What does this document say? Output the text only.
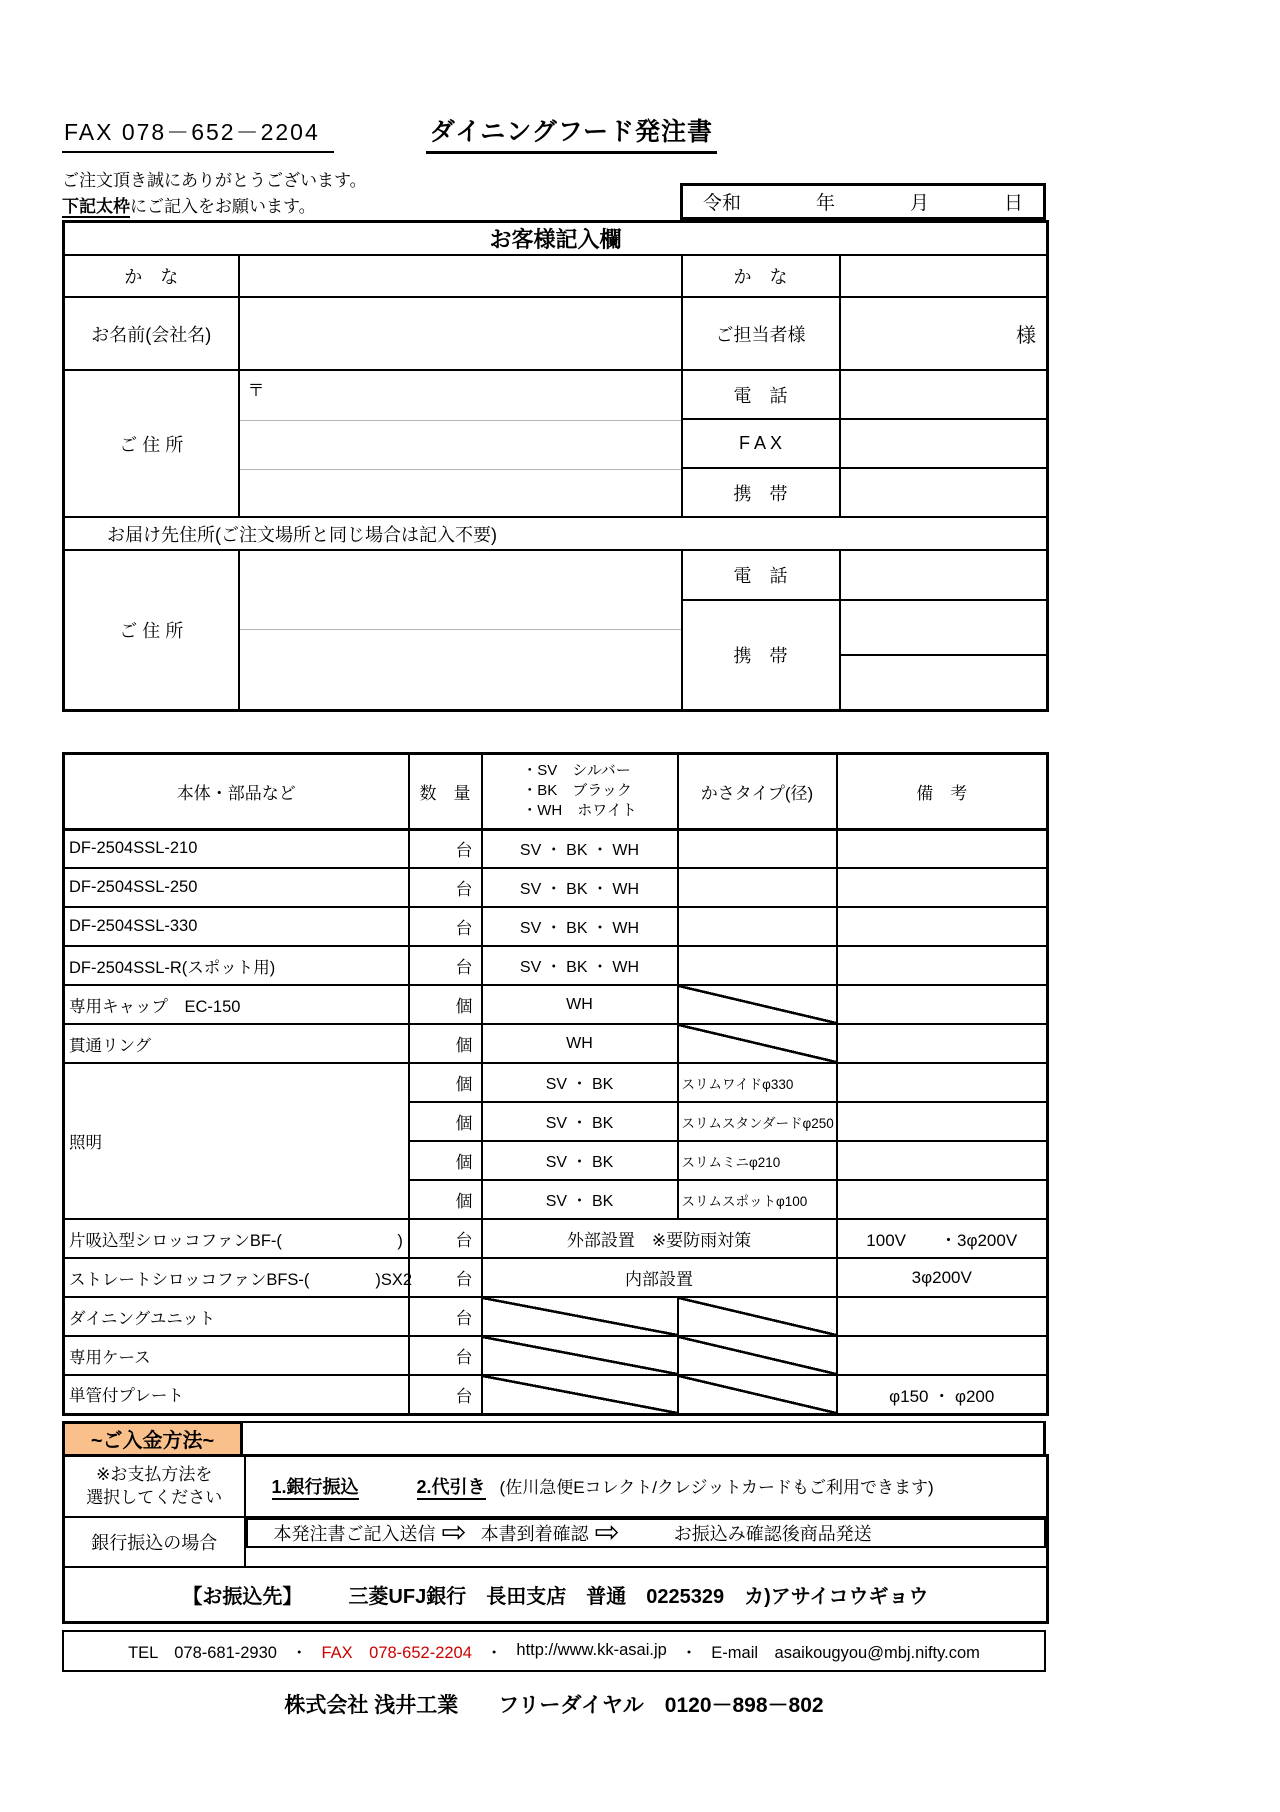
FAX 078－652－2204	ダイニングフード発注書
ご注文頂き誠にありがとうございます。
下記太枠にご記入をお願います。	令和	年	月	日
お客様記入欄			
か　な		か　な	
お名前(会社名)		ご担当者様	様
ご 住 所	〒	電　話	
		F A X	
		携　帯	
お届け先住所(ご注文場所と同じ場合は記入不要)			
ご 住 所		電　話	
		携　帯	

本体・部品など	数　量	・SV　シルバー
・BK　ブラック
・WH　ホワイト	かさタイプ(径)	備　考
DF-2504SSL-210	台	SV ・ BK ・ WH		
DF-2504SSL-250	台	SV ・ BK ・ WH		
DF-2504SSL-330	台	SV ・ BK ・ WH		
DF-2504SSL-R(スポット用)	台	SV ・ BK ・ WH		
専用キャップ　EC-150	個	WH		
貫通リング	個	WH		
照明	個	SV ・ BK	スリムワイドφ330	
	個	SV ・ BK	スリムスタンダードφ250	
	個	SV ・ BK	スリムミニφ210	
	個	SV ・ BK	スリムスポットφ100	
片吸込型シロッコファンBF-(　　　　　　　)	台	外部設置　※要防雨対策		100V　　・3φ200V
ストレートシロッコファンBFS-(　　　　)SX2	台	内部設置		3φ200V
ダイニングユニット	台			
専用ケース	台			
単管付プレート	台			φ150 ・ φ200
~ご入金方法~
※お支払方法を
選択してください	1.銀行振込 2.代引き (佐川急便Eコレクト/クレジットカードもご利用できます)
銀行振込の場合		本発注書ご記入送信 ⇨ 本書到着確認 ⇨	お振込み確認後商品発送

【お振込先】 三菱UFJ銀行　長田支店　普通　0225329　カ)アサイコウギョウ	
TEL　078-681-2930 ・ FAX　078-652-2204 ・ http://www.kk-asai.jp ・ E-mail　asaikougyou@mbj.nifty.com
株式会社 浅井工業 フリーダイヤル　0120－898－802
